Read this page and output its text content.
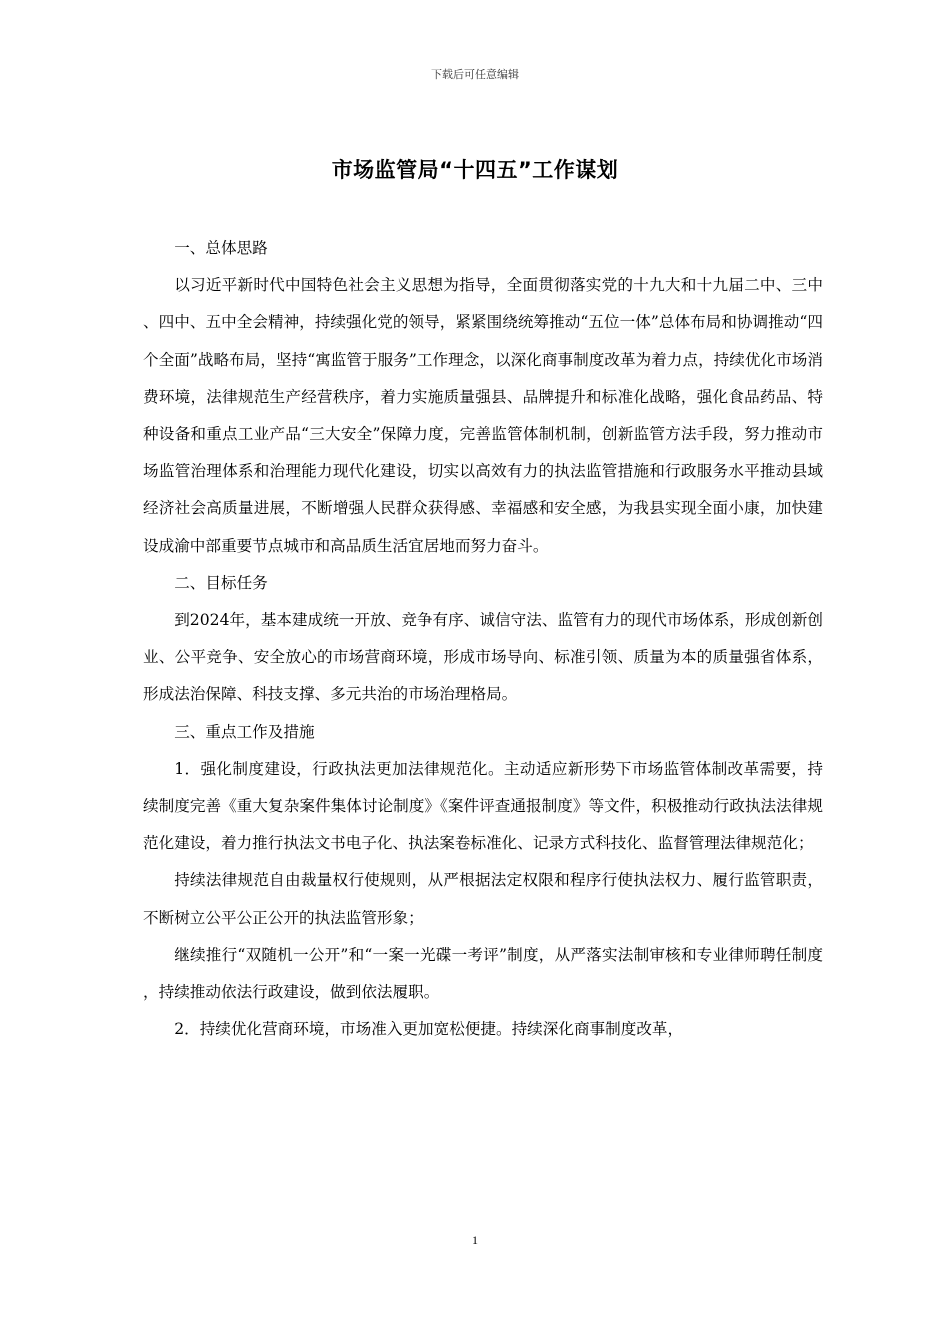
下载后可任意编辑
市场监管局“十四五”工作谋划

一、总体思路

以习近平新时代中国特色社会主义思想为指导，全面贯彻落实党的十九大和十九届二中、三中、四中、五中全会精神，持续强化党的领导，紧紧围绕统筹推动“五位一体”总体布局和协调推动“四个全面”战略布局，坚持“寓监管于服务”工作理念，以深化商事制度改革为着力点，持续优化市场消费环境，法律规范生产经营秩序，着力实施质量强县、品牌提升和标准化战略，强化食品药品、特种设备和重点工业产品“三大安全”保障力度，完善监管体制机制，创新监管方法手段，努力推动市场监管治理体系和治理能力现代化建设，切实以高效有力的执法监管措施和行政服务水平推动县域经济社会高质量进展，不断增强人民群众获得感、幸福感和安全感，为我县实现全面小康，加快建设成渝中部重要节点城市和高品质生活宜居地而努力奋斗。

二、目标任务

到2024年，基本建成统一开放、竞争有序、诚信守法、监管有力的现代市场体系，形成创新创业、公平竞争、安全放心的市场营商环境，形成市场导向、标准引领、质量为本的质量强省体系，形成法治保障、科技支撑、多元共治的市场治理格局。

三、重点工作及措施

1．强化制度建设，行政执法更加法律规范化。主动适应新形势下市场监管体制改革需要，持续制度完善《重大复杂案件集体讨论制度》《案件评查通报制度》等文件，积极推动行政执法法律规范化建设，着力推行执法文书电子化、执法案卷标准化、记录方式科技化、监督管理法律规范化；

持续法律规范自由裁量权行使规则，从严根据法定权限和程序行使执法权力、履行监管职责，不断树立公平公正公开的执法监管形象；

继续推行“双随机一公开”和“一案一光碟一考评”制度，从严落实法制审核和专业律师聘任制度，持续推动依法行政建设，做到依法履职。

2．持续优化营商环境，市场准入更加宽松便捷。持续深化商事制度改革，

1
